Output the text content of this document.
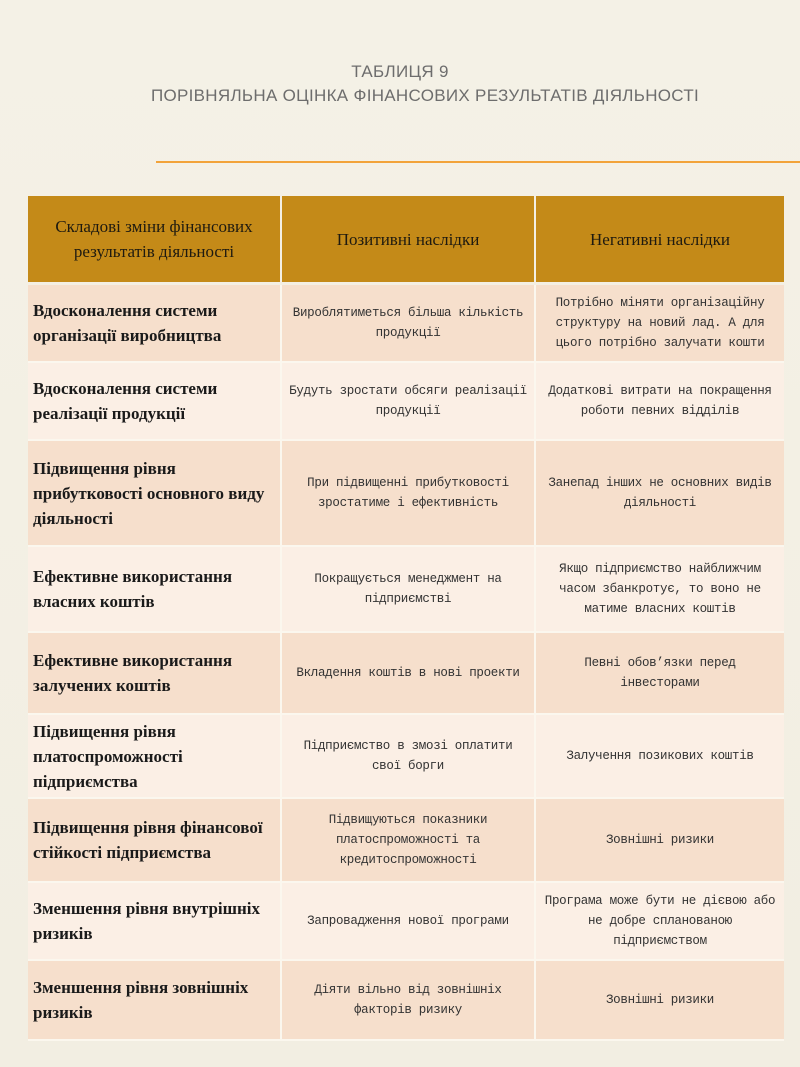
ТАБЛИЦЯ 9
ПОРІВНЯЛЬНА ОЦІНКА ФІНАНСОВИХ РЕЗУЛЬТАТІВ ДІЯЛЬНОСТІ
Складові зміни фінансових результатів діяльності	Позитивні наслідки	Негативні наслідки
Вдосконалення системи організації виробництва	Вироблятиметься більша кількість продукції	Потрібно міняти організаційну структуру на новий лад. А для цього потрібно залучати кошти
Вдосконалення системи реалізації продукції	Будуть зростати обсяги реалізації продукції	Додаткові витрати на покращення роботи певних відділів
Підвищення рівня прибутковості основного виду діяльності	При підвищенні прибутковості зростатиме і ефективність	Занепад інших не основних видів діяльності
Ефективне використання власних коштів	Покращується менеджмент на підприємстві	Якщо підприємство найближчим часом збанкротує, то воно не матиме власних коштів
Ефективне використання залучених коштів	Вкладення коштів в нові проекти	Певні обов’язки перед інвесторами
Підвищення рівня платоспроможності підприємства	Підприємство в змозі оплатити свої борги	Залучення позикових коштів
Підвищення рівня фінансової стійкості підприємства	Підвищуються показники платоспроможності та кредитоспроможності	Зовнішні ризики
Зменшення рівня внутрішніх ризиків	Запровадження нової програми	Програма може бути не дієвою або не добре спланованою підприємством
Зменшення рівня зовнішніх ризиків	Діяти вільно від зовнішніх факторів ризику	Зовнішні ризики
